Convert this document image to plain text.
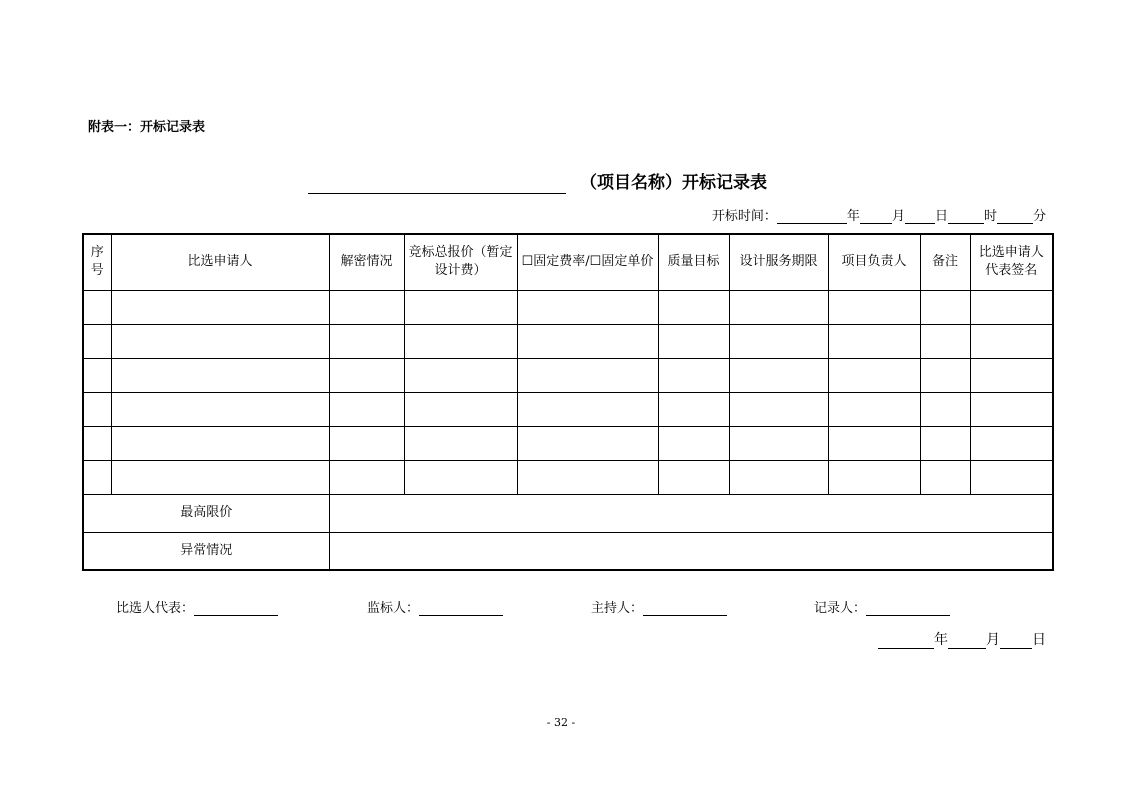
附表一：开标记录表
（项目名称）开标记录表
开标时间：	年 月 日	时	分
序号	比选申请人	解密情况	竞标总报价（暂定设计费）	☐固定费率/☐固定单价	质量目标	设计服务期限	项目负责人	备注	比选申请人代表签名

最高限价									
异常情况									
比选人代表：	监标人：	主持人：	记录人：
年	月 日
- 32 -
